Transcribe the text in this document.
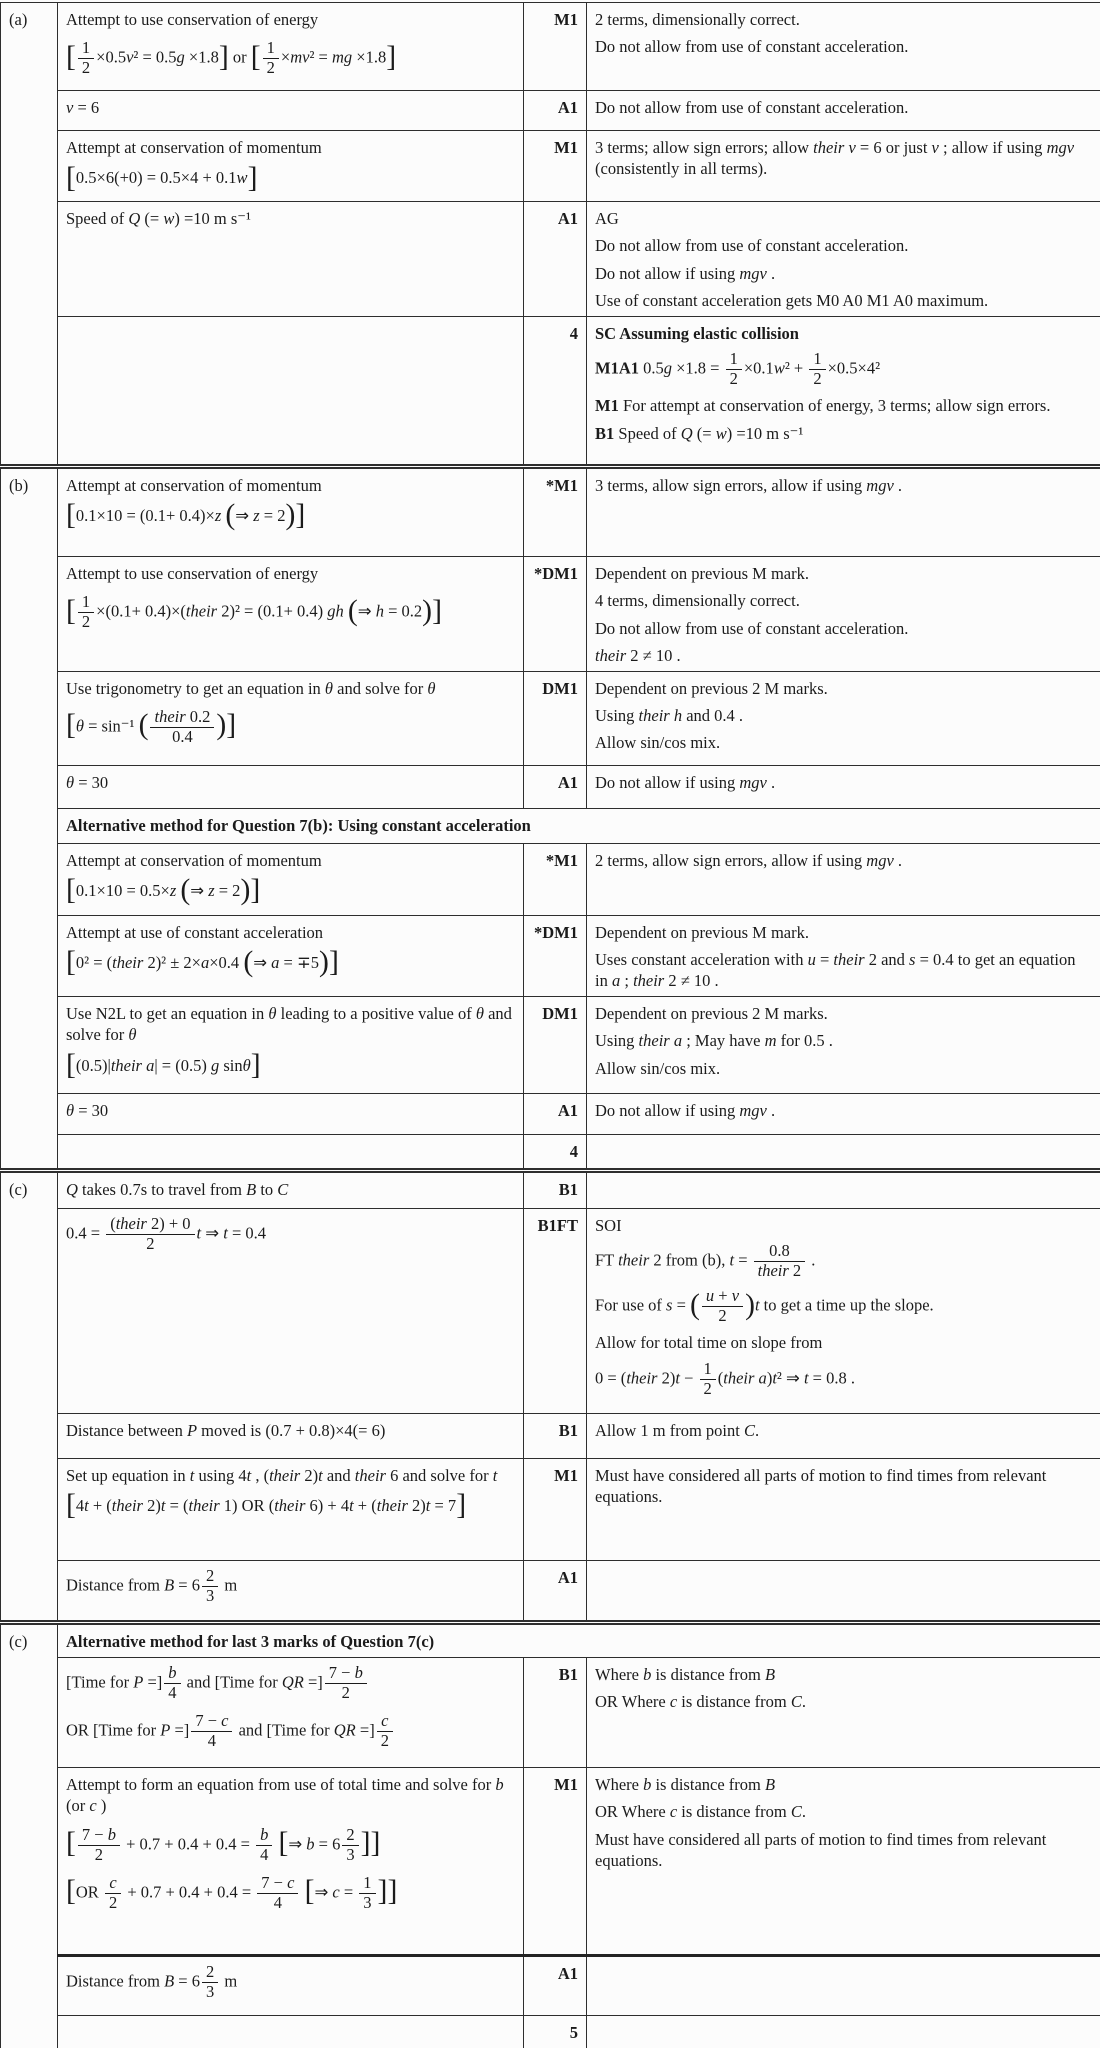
(a)	Attempt to use conservation of energy
[ $\frac{1}{2} \times 0.5v^2 = 0.5g \times 1.8$] or [ $\frac{1}{2} \times mv^2$ = mg ×1.8]
	M1	2 terms, dimensionally correct.
Do not allow from use of constant acceleration.

	v = 6	A1	Do not allow from use of constant acceleration.

	Attempt at conservation of momentum
[0.5×6(+0) = 0.5×4 + 0.1w]	M1	3 terms; allow sign errors; allow their v = 6 or just v ; allow if using mgv (consistently in all terms).

	Speed of Q (= w) =10 m s⁻¹	A1	AG
Do not allow from use of constant acceleration.
Do not allow if using mgv .
Use of constant acceleration gets M0 A0 M1 A0 maximum.

	4	SC Assuming elastic collision
M1A1 $0.5g \times 1.8 = \frac{1}{2} \times 0.1w^2 + \frac{1}{2} \times 0.5\times 4^2$
M1 For attempt at conservation of energy, 3 terms; allow sign errors.
B1 Speed of Q (= w) =10 m s⁻¹

(b)	Attempt at conservation of momentum
[0.1×10 = (0.1+ 0.4)×z (⇒ z = 2)]	*M1	3 terms, allow sign errors, allow if using mgv .

Attempt to use conservation of energy
[ $\frac{1}{2} \times(0.1+$ 0.4)×(their 2)² = (0.1+ 0.4) gh (⇒ h = 0.2)]
	*DM1	Dependent on previous M mark.
4 terms, dimensionally correct.
Do not allow from use of constant acceleration.
their 2 ≠ 10 .

Use trigonometry to get an equation in θ and solve for θ
[θ = sin⁻¹ ( $\frac{\text{their 0.2}}{0.4}$ )]
	DM1	Dependent on previous 2 M marks.
Using their h and 0.4 .
Allow sin/cos mix.

	θ = 30	A1	Do not allow if using mgv .

	Alternative method for Question 7(b): Using constant acceleration		

	Attempt at conservation of momentum
[0.1×10 = 0.5×z (⇒ z = 2)]	*M1	2 terms, allow sign errors, allow if using mgv .

Attempt at use of constant acceleration
[0² = (their 2)² ± 2×a×0.4 (⇒ a = ∓5)]
	*DM1	Dependent on previous M mark.
Uses constant acceleration with u = their 2 and s = 0.4 to get an equation in a ; their 2 ≠ 10 .

Use N2L to get an equation in θ leading to a positive value of θ and solve for θ
[(0.5)|their a| = (0.5) g sinθ]
	DM1	Dependent on previous 2 M marks.
Using their a ; May have m for 0.5 .
Allow sin/cos mix.

	θ = 30	A1	Do not allow if using mgv .

		4	
(c)	Q takes 0.7s to travel from B to C	B1	

$0.4 = \frac{\text{(their 2) + 0}}{2}$ t ⇒ t = 0.4	B1FT	SOI
FT their 2 from (b), $t = \frac{0.8}{\text{their 2}}$ .
For use of s = ( $\frac{u + v}{2} )t$ to get a time up the slope.
Allow for total time on slope from
0 = (their $2)t - \frac{1}{2}$ (their a)t² ⇒ t = 0.8 .

	Distance between P moved is (0.7 + 0.8)×4(= 6)	B1	Allow 1 m from point C.

	Set up equation in t using 4t , (their 2)t and their 6 and solve for t
[4t + (their 2)t = (their 1) OR (their 6) + 4t + (their 2)t = 7]	M1	Must have considered all parts of motion to find times from relevant equations.

	Distance from $B = 6 \frac{2}{3}$ m	A1	
(c)	Alternative method for last 3 marks of Question 7(c)		

[Time for P =] $\frac{b}{4}$ and [Time for QR =] $\frac{7 - b}{2}$
OR [Time for P =] $\frac{7 - c}{4}$ and [Time for QR =] $\frac{c}{2}$
	B1	Where b is distance from B
OR Where c is distance from C.

Attempt to form an equation from use of total time and solve for b (or c )
[ $\frac{7 - b}{2} + 0.7 + 0.4 + 0.4 = \frac{b}{4}$ [⇒ $b = 6 \frac{2}{3}$ ]]
[$OR \frac{c}{2} + 0.7 + 0.4 + 0.4 = \frac{7 - c}{4}$ [⇒ $c = \frac{1}{3}$ ]]
	M1	Where b is distance from B
OR Where c is distance from C.
Must have considered all parts of motion to find times from relevant equations.

	Distance from $B = 6 \frac{2}{3}$ m	A1	
		5	
